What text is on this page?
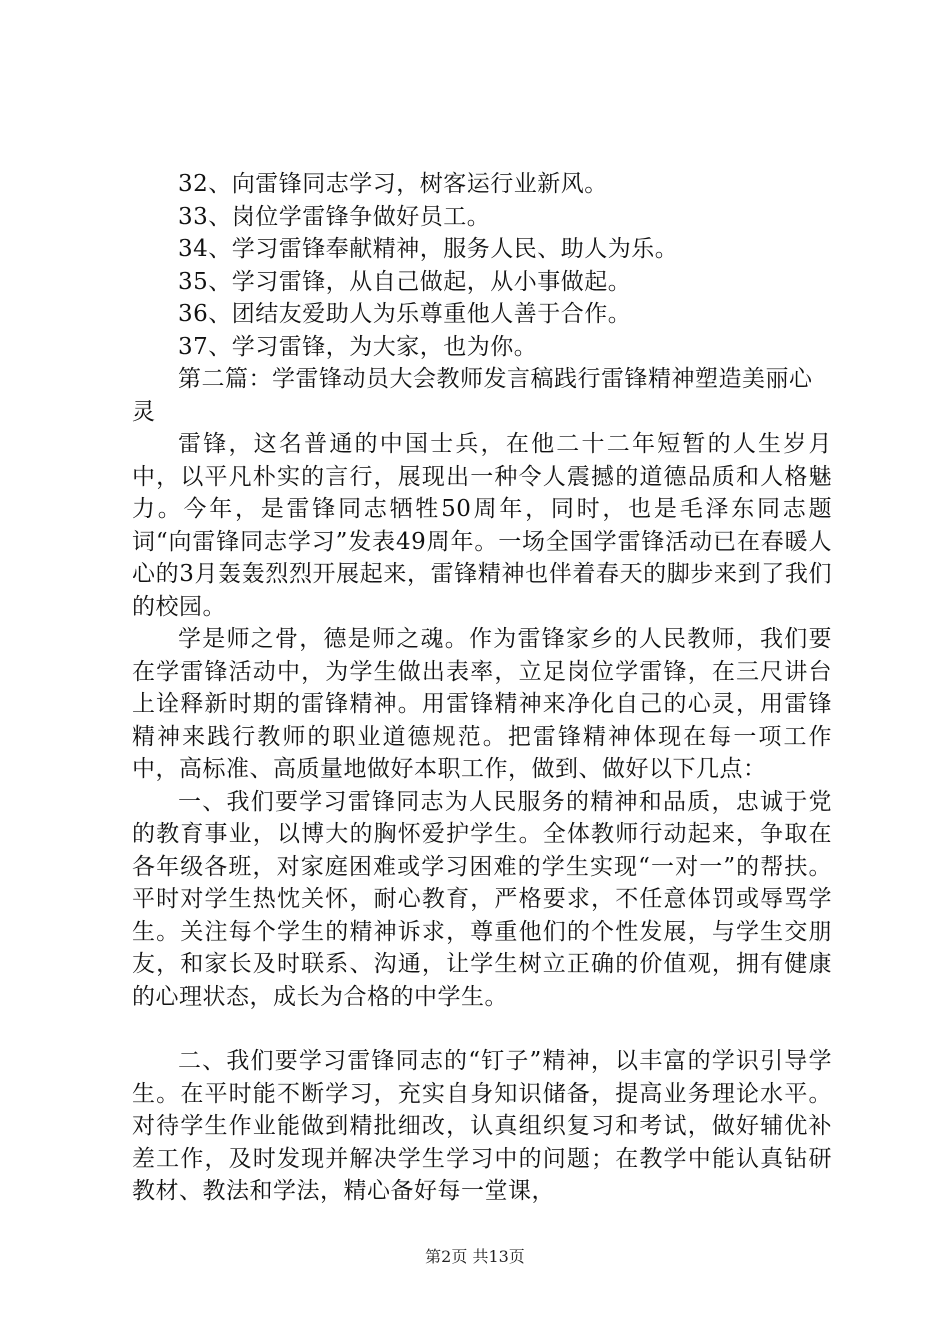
32、向雷锋同志学习，树客运行业新风。
33、岗位学雷锋争做好员工。
34、学习雷锋奉献精神，服务人民、助人为乐。
35、学习雷锋，从自己做起，从小事做起。
36、团结友爱助人为乐尊重他人善于合作。
37、学习雷锋，为大家，也为你。
第二篇：学雷锋动员大会教师发言稿践行雷锋精神塑造美丽心灵
雷锋，这名普通的中国士兵，在他二十二年短暂的人生岁月中，以平凡朴实的言行，展现出一种令人震撼的道德品质和人格魅力。今年，是雷锋同志牺牲50周年，同时，也是毛泽东同志题词“向雷锋同志学习”发表49周年。一场全国学雷锋活动已在春暖人心的3月轰轰烈烈开展起来，雷锋精神也伴着春天的脚步来到了我们的校园。
学是师之骨，德是师之魂。作为雷锋家乡的人民教师，我们要在学雷锋活动中，为学生做出表率，立足岗位学雷锋，在三尺讲台上诠释新时期的雷锋精神。用雷锋精神来净化自己的心灵，用雷锋精神来践行教师的职业道德规范。把雷锋精神体现在每一项工作中，高标准、高质量地做好本职工作，做到、做好以下几点：
一、我们要学习雷锋同志为人民服务的精神和品质，忠诚于党的教育事业，以博大的胸怀爱护学生。全体教师行动起来，争取在各年级各班，对家庭困难或学习困难的学生实现“一对一”的帮扶。平时对学生热忱关怀，耐心教育，严格要求，不任意体罚或辱骂学生。关注每个学生的精神诉求，尊重他们的个性发展，与学生交朋友，和家长及时联系、沟通，让学生树立正确的价值观，拥有健康的心理状态，成长为合格的中学生。
二、我们要学习雷锋同志的“钉子”精神，以丰富的学识引导学生。在平时能不断学习，充实自身知识储备，提高业务理论水平。对待学生作业能做到精批细改，认真组织复习和考试，做好辅优补差工作，及时发现并解决学生学习中的问题；在教学中能认真钻研教材、教法和学法，精心备好每一堂课，
第2页 共13页
